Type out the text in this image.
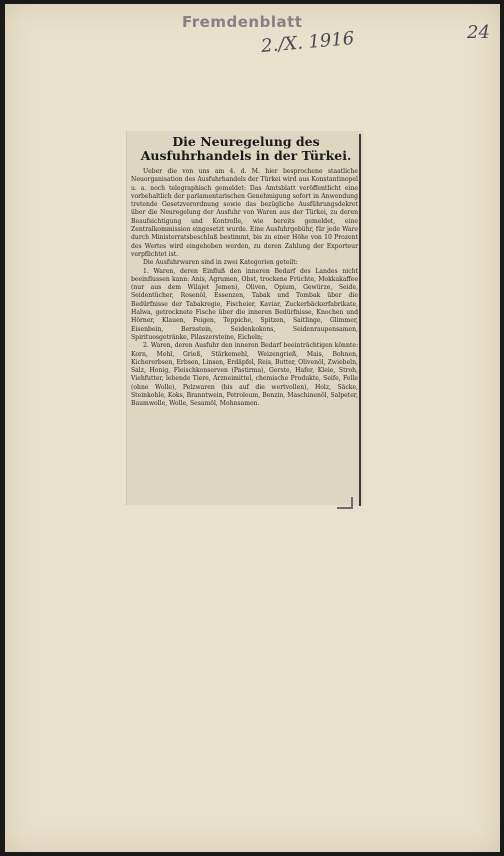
Fremdenblatt
2./X. 1916	24
Die Neuregelung des Ausfuhrhandels in der Türkei.

Ueber die von uns am 4. d. M. hier besprochene staatliche Neuorganisation des Ausfuhrhandels der Türkei wird aus Konstantinopel u. a. noch telegraphisch gemeldet: Das Amtsblatt veröffentlicht eine vorbehaltlich der parlamentarischen Genehmigung sofort in Anwendung tretende Gesetzverordnung sowie das bezügliche Ausführungsdekret über die Neuregelung der Ausfuhr von Waren aus der Türkei, zu deren Beaufsichtigung und Kontrolle, wie bereits gemeldet, eine Zentralkommission eingesetzt wurde. Eine Ausfuhrgebühr, für jede Ware durch Ministerratsbeschluß bestimmt, bis zu einer Höhe von 10 Prozent des Wertes wird eingehoben werden, zu deren Zahlung der Exporteur verpflichtet ist.

Die Ausfuhrwaren sind in zwei Kategorien geteilt:

1. Waren, deren Einfluß den inneren Bedarf des Landes nicht beeinflussen kann: Anis, Agrumen, Obst, trockene Früchte, Mokkakaffee (nur aus dem Wilajet Jemen), Oliven, Opium, Gewürze, Seide, Seidentücher, Rosenöl, Essenzen, Tabak und Tombak über die Bedürfnisse der Tabakregie, Fischeier, Kaviar, Zuckerbäckerfabrikate, Halwa, getrocknete Fische über die inneren Bedürfnisse, Knochen und Hörner, Klauen, Feigen, Teppiche, Spitzen, Saitlinge, Glimmer, Eisenbein, Bernstein, Seidenkokons, Seidenraupensamen, Spirituosgetränke, Pilaszersteine, Eicheln;

2. Waren, deren Ausfuhr den inneren Bedarf beeinträchtigen könnte: Korn, Mehl, Grieß, Stärkemehl, Weizengrieß, Mais, Bohnen, Kichererbsen, Erbsen, Linsen, Erdäpfel, Reis, Butter, Olivenöl, Zwiebeln, Salz, Honig, Fleischkonserven (Pastirma), Gerste, Hafer, Kleie, Stroh, Viehfutter, lebende Tiere, Arzneimittel, chemische Produkte, Seife, Felle (ohne Wolle), Pelzwaren (bis auf die wertvollen), Holz, Säcke, Steinkohle, Koks, Branntwein, Petroleum, Benzin, Maschinenöl, Salpeter, Baumwolle, Wolle, Sesamöl, Mohnsamen.
